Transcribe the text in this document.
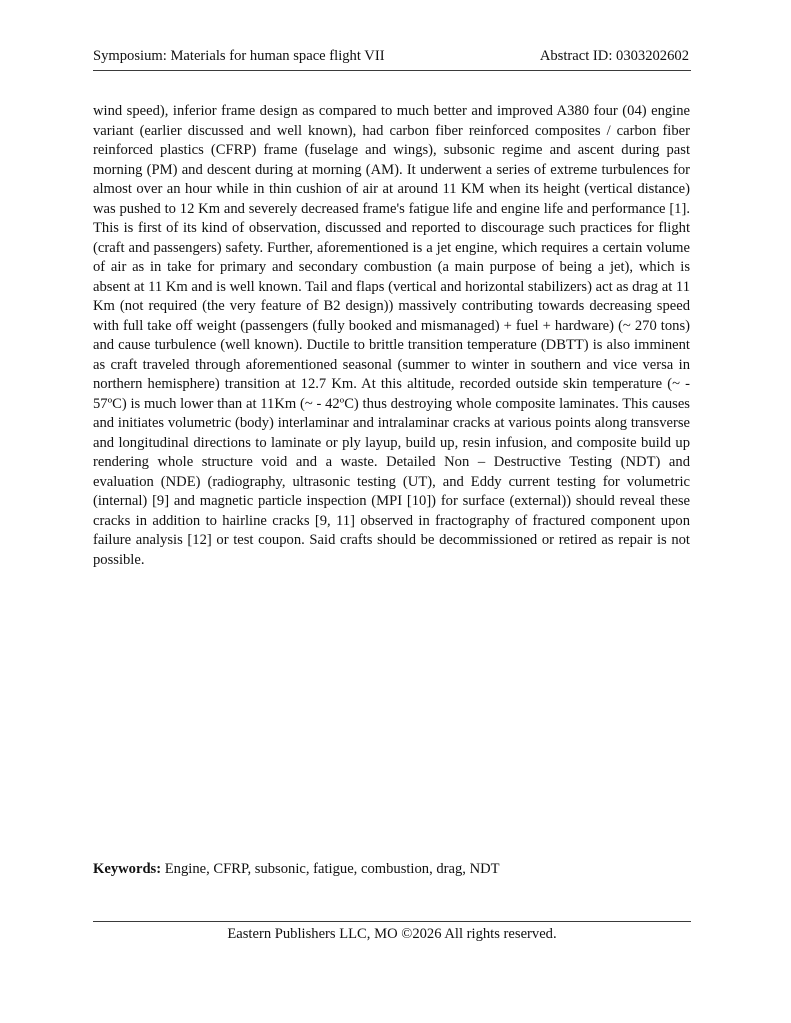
Symposium: Materials for human space flight VII	Abstract ID: 0303202602

wind speed), inferior frame design as compared to much better and improved A380 four (04) engine variant (earlier discussed and well known), had carbon fiber reinforced composites / carbon fiber reinforced plastics (CFRP) frame (fuselage and wings), subsonic regime and ascent during past morning (PM) and descent during at morning (AM). It underwent a series of extreme turbulences for almost over an hour while in thin cushion of air at around 11 KM when its height (vertical distance) was pushed to 12 Km and severely decreased frame's fatigue life and engine life and performance [1]. This is first of its kind of observation, discussed and reported to discourage such practices for flight (craft and passengers) safety. Further, aforementioned is a jet engine, which requires a certain volume of air as in take for primary and secondary combustion (a main purpose of being a jet), which is absent at 11 Km and is well known. Tail and flaps (vertical and horizontal stabilizers) act as drag at 11 Km (not required (the very feature of B2 design)) massively contributing towards decreasing speed with full take off weight (passengers (fully booked and mismanaged) + fuel + hardware) (~ 270 tons) and cause turbulence (well known). Ductile to brittle transition temperature (DBTT) is also imminent as craft traveled through aforementioned seasonal (summer to winter in southern and vice versa in northern hemisphere) transition at 12.7 Km. At this altitude, recorded outside skin temperature (~ - 57ºC) is much lower than at 11Km (~ - 42ºC) thus destroying whole composite laminates. This causes and initiates volumetric (body) interlaminar and intralaminar cracks at various points along transverse and longitudinal directions to laminate or ply layup, build up, resin infusion, and composite build up rendering whole structure void and a waste. Detailed Non – Destructive Testing (NDT) and evaluation (NDE) (radiography, ultrasonic testing (UT), and Eddy current testing for volumetric (internal) [9] and magnetic particle inspection (MPI [10]) for surface (external)) should reveal these cracks in addition to hairline cracks [9, 11] observed in fractography of fractured component upon failure analysis [12] or test coupon. Said crafts should be decommissioned or retired as repair is not possible.

Keywords: Engine, CFRP, subsonic, fatigue, combustion, drag, NDT
Eastern Publishers LLC, MO ©2026 All rights reserved.
